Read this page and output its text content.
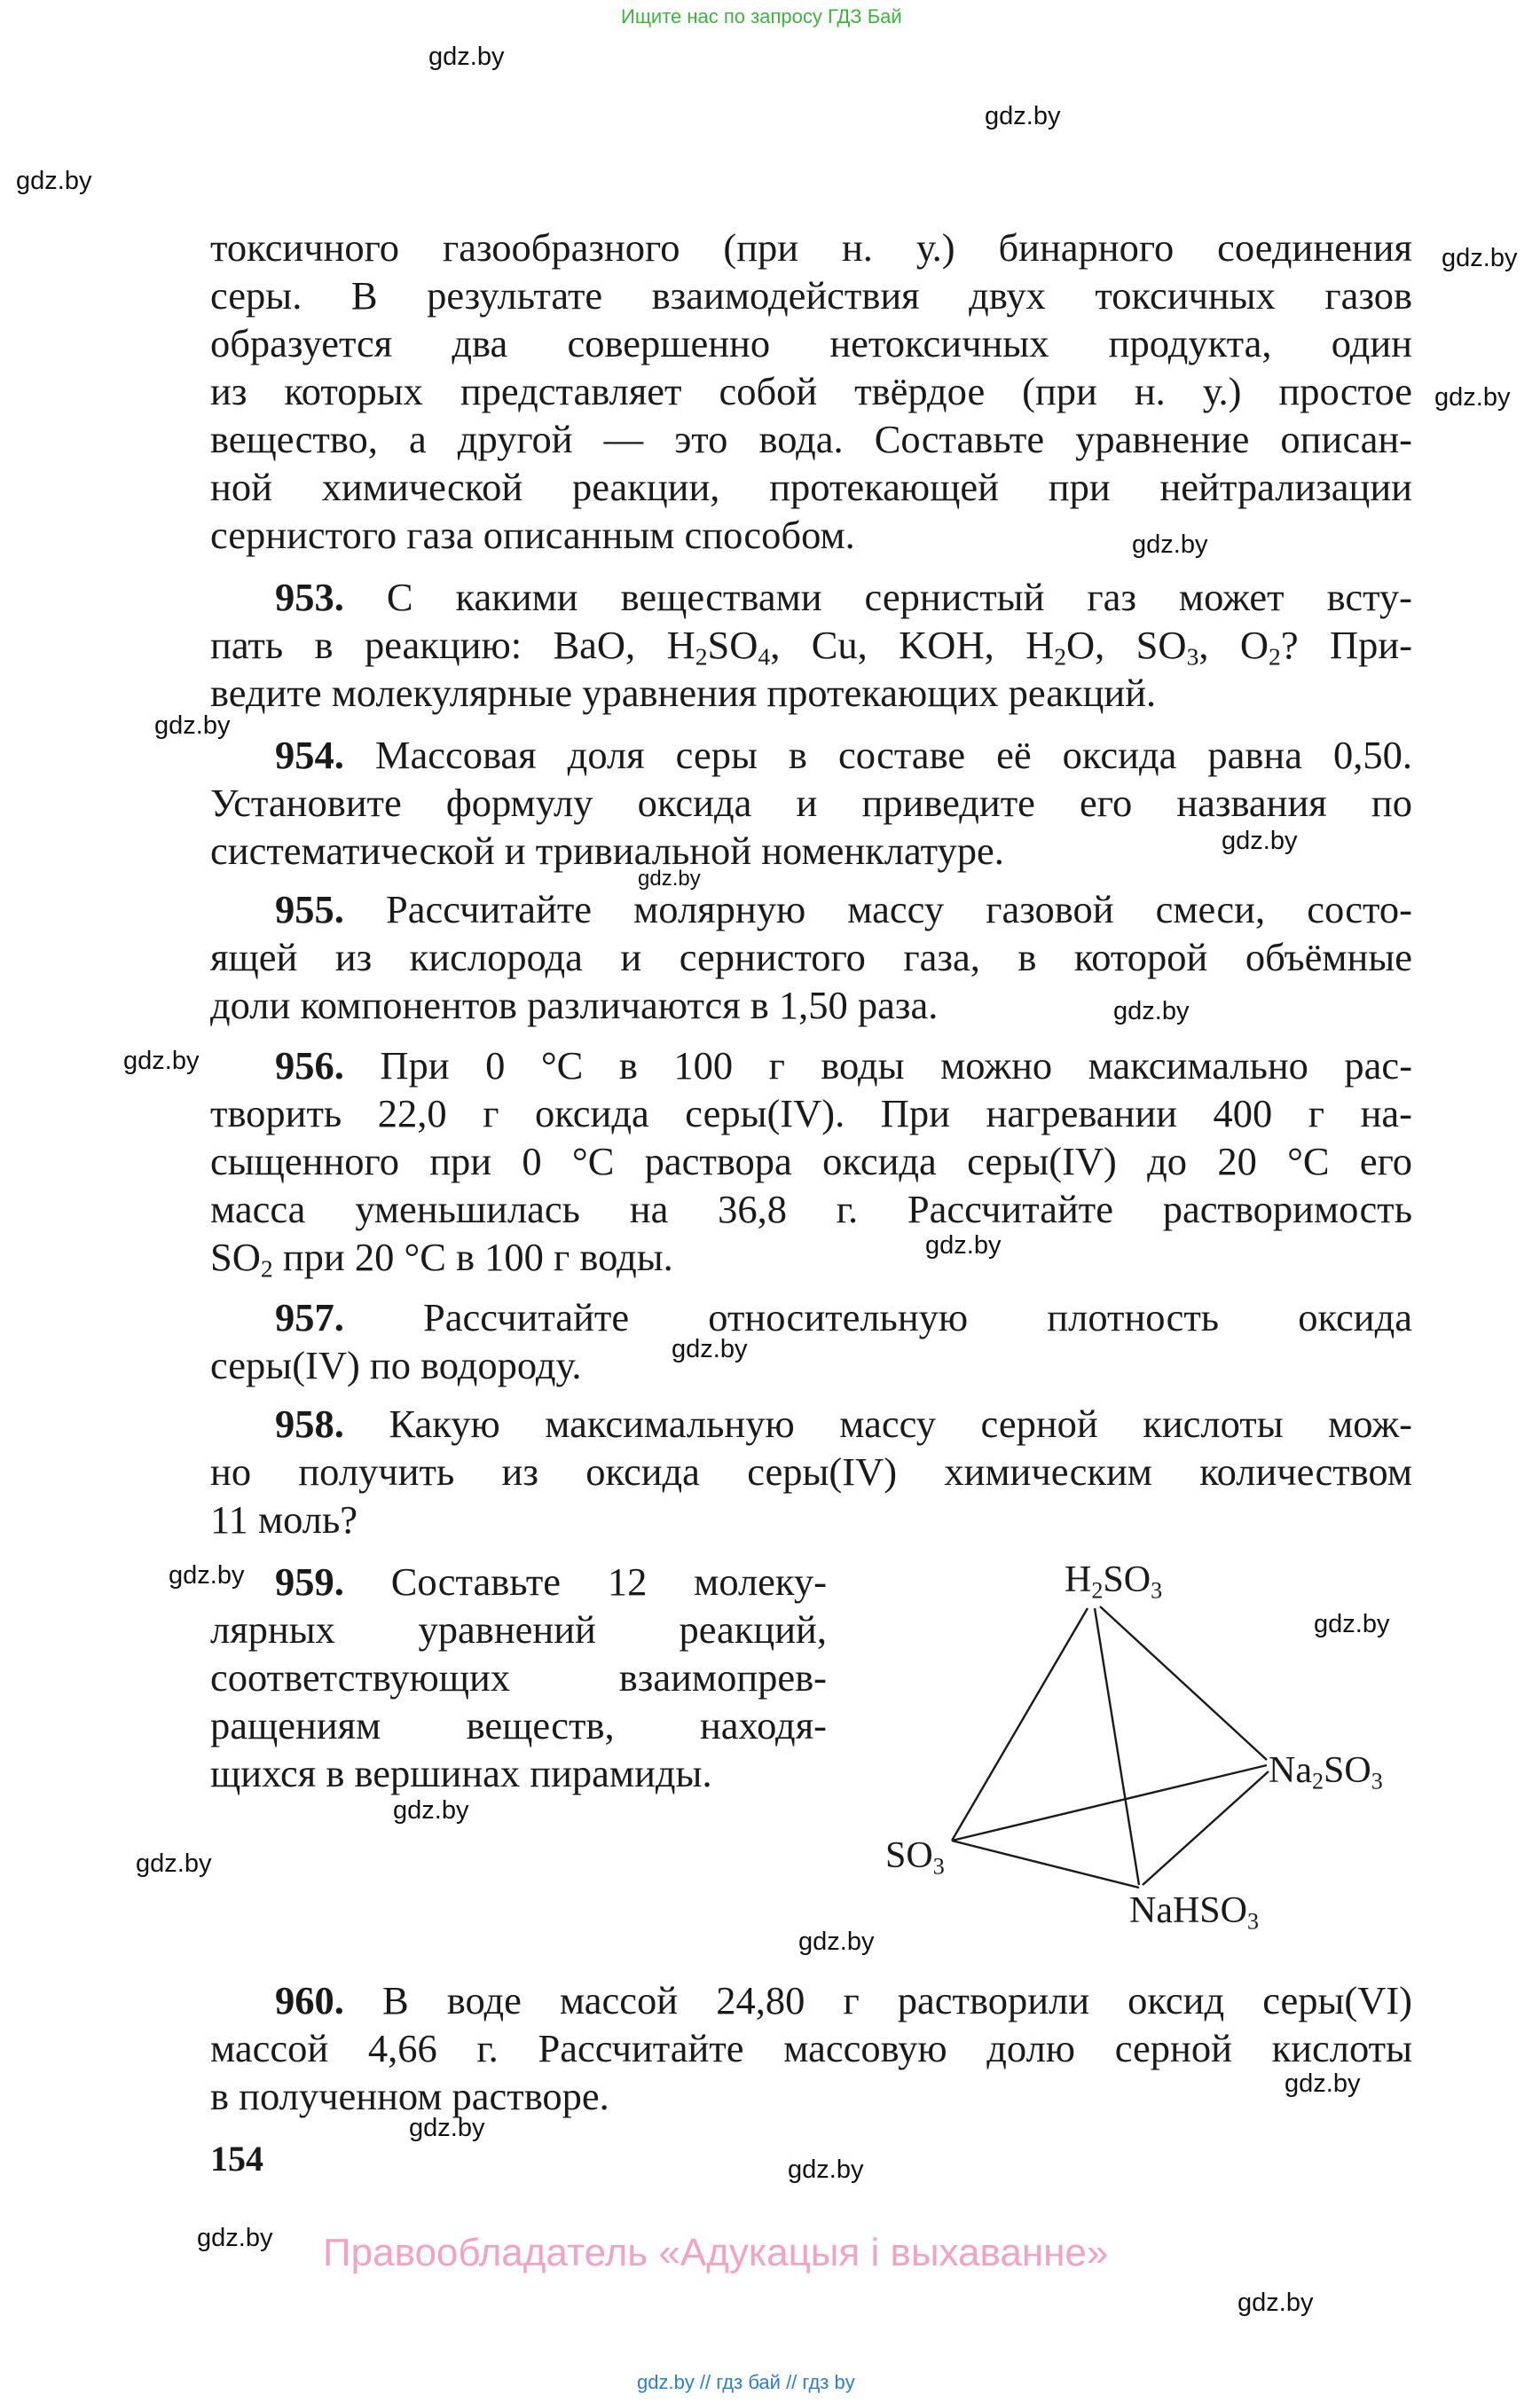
Ищите нас по запросу ГДЗ Бай
gdz.by
gdz.by
gdz.by
gdz.by
gdz.by
gdz.by
gdz.by
gdz.by
gdz.by
gdz.by
gdz.by
gdz.by
gdz.by
gdz.by
gdz.by
gdz.by
gdz.by
gdz.by
gdz.by
gdz.by
gdz.by
gdz.by
gdz.by
токсичного газообразного (при н. у.) бинарного соединения
серы. В результате взаимодействия двух токсичных газов
образуется два совершенно нетоксичных продукта, один
из которых представляет собой твёрдое (при н. у.) простое
вещество, а другой — это вода. Составьте уравнение описан-
ной химической реакции, протекающей при нейтрализации
сернистого газа описанным способом.
953. С какими веществами сернистый газ может всту-
пать в реакцию: BaO, $H_2SO_4$, Cu, KOH, $H_2O$, $SO_3$, $O_2$? При-
ведите молекулярные уравнения протекающих реакций.
954. Массовая доля серы в составе её оксида равна 0,50.
Установите формулу оксида и приведите его названия по
систематической и тривиальной номенклатуре.
955. Рассчитайте молярную массу газовой смеси, состо-
ящей из кислорода и сернистого газа, в которой объёмные
доли компонентов различаются в 1,50 раза.
956. При 0 °C в 100 г воды можно максимально рас-
творить 22,0 г оксида серы(IV). При нагревании 400 г на-
сыщенного при 0 °C раствора оксида серы(IV) до 20 °C его
масса уменьшилась на 36,8 г. Рассчитайте растворимость
$SO_2$ при 20 °C в 100 г воды.
957. Рассчитайте относительную плотность оксида
серы(IV) по водороду.
958. Какую максимальную массу серной кислоты мож-
но получить из оксида серы(IV) химическим количеством
11 моль?
959. Составьте 12 молеку-
лярных уравнений реакций,
соответствующих взаимопрев-
ращениям веществ, находя-
щихся в вершинах пирамиды.
$H_2SO_3$
$Na_2SO_3$
$SO_3$
NaHSO$_3$
960. В воде массой 24,80 г растворили оксид серы(VI)
массой 4,66 г. Рассчитайте массовую долю серной кислоты
в полученном растворе.
154
Правообладатель «Адукацыя і выхаванне»
gdz.by // гдз бай // гдз by
